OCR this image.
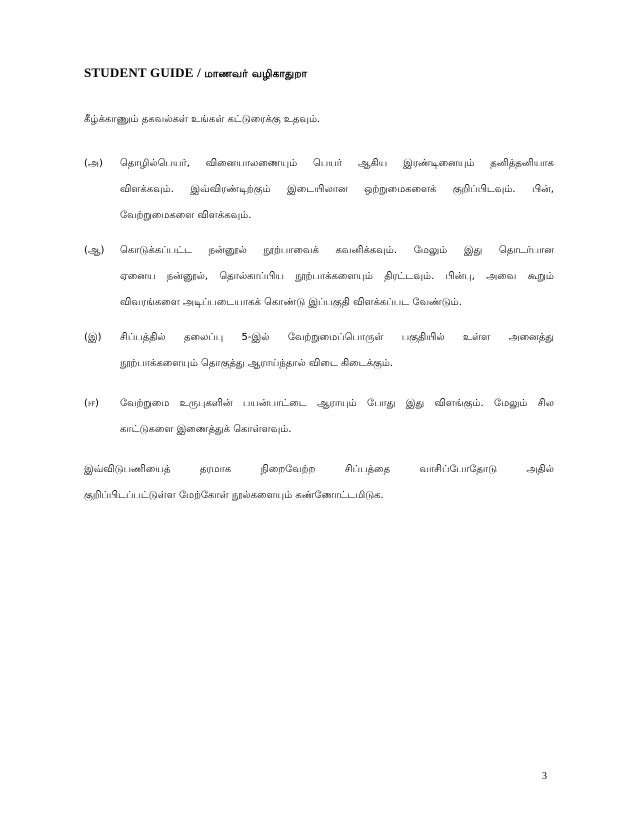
STUDENT GUIDE / மாணவர் வழிகாதுறா
கீழ்க்காணும் தகவல்கள் உங்கள் கட்டுரைக்கு உதவும்.
(அ)	தொழில்பெயர், வினையாலணையும் பெயர் ஆகிய இரண்டினையும் தனித்தனியாக
விளக்கவும். இவ்விரண்டிற்கும் இடையிலான ஒற்றுமைகளைக் குறிப்பிடவும். பின்,
வேற்றுமைகளை விளக்கவும்.
(ஆ)	கொடுக்கப்பட்ட நன்னூல் நூற்பாவைக் கவனிக்கவும். மேலும் இது தொடர்பான
ஏனைய நன்னூல், தொல்காப்பிய நூற்பாக்களையும் திரட்டவும். பின்பு, அவை கூறும்
விவரங்களை அடிப்படையாகக் கொண்டு இப்பகுதி விளக்கப்பட வேண்டும்.
(இ)	சிப்பத்தில் தலைப்பு 5-இல் வேற்றுமைப்பொருள் பகுதியில் உள்ள அனைத்து
நூற்பாக்களையும் தொகுத்து ஆராய்ந்தால் விடை கிடைக்கும்.
(ஈ)	வேற்றுமை உருபுகளின் பயன்பாட்டை ஆராயும் போது இது விளங்கும். மேலும் சில
காட்டுகளை இணைத்துக் கொள்ளவும்.
இவ்விடுபணியைத்	தரமாக	நிறைவேற்ற	சிப்பத்தை	வாசிப்போதோடு	அதில்
குறிப்பிடப்பட்டுள்ள மேற்கோள் நூல்களையும் கண்ணோட்டமிடுக.
3
